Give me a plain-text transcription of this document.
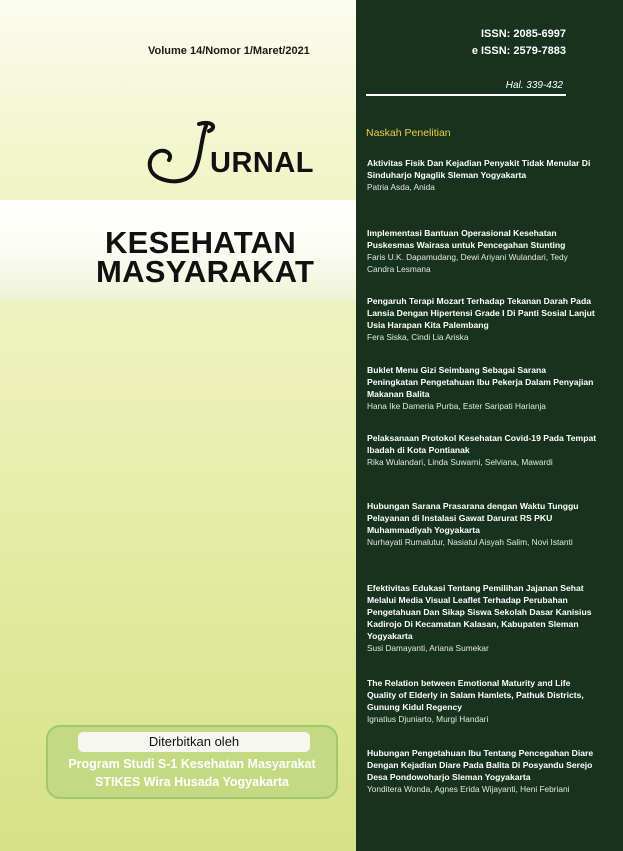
Volume 14/Nomor 1/Maret/2021
URNAL
KESEHATAN
MASYARAKAT
Diterbitkan oleh
Program Studi S-1 Kesehatan Masyarakat
STIKES Wira Husada Yogyakarta
ISSN: 2085-6997
e ISSN: 2579-7883
Hal. 339-432
Naskah Penelitian
Aktivitas Fisik Dan Kejadian Penyakit Tidak Menular Di Sinduharjo Ngaglik Sleman Yogyakarta
Patria Asda, Anida
Implementasi Bantuan Operasional Kesehatan Puskesmas Wairasa untuk Pencegahan Stunting
Faris U.K. Dapamudang, Dewi Ariyani Wulandari, Tedy Candra Lesmana
Pengaruh Terapi Mozart Terhadap Tekanan Darah Pada Lansia Dengan Hipertensi Grade I Di Panti Sosial Lanjut Usia Harapan Kita Palembang
Fera Siska, Cindi Lia Ariska
Buklet Menu Gizi Seimbang Sebagai Sarana Peningkatan Pengetahuan Ibu Pekerja Dalam Penyajian Makanan Balita
Hana Ike Dameria Purba, Ester Saripati Harianja
Pelaksanaan Protokol Kesehatan Covid-19 Pada Tempat Ibadah di Kota Pontianak
Rika Wulandari, Linda Suwarni, Selviana, Mawardi
Hubungan Sarana Prasarana dengan Waktu Tunggu Pelayanan di Instalasi Gawat Darurat RS PKU Muhammadiyah Yogyakarta
Nurhayati Rumalutur, Nasiatul Aisyah Salim, Novi Istanti
Efektivitas Edukasi Tentang Pemilihan Jajanan Sehat Melalui Media Visual Leaflet Terhadap Perubahan Pengetahuan Dan Sikap Siswa Sekolah Dasar Kanisius Kadirojo Di Kecamatan Kalasan, Kabupaten Sleman Yogyakarta
Susi Damayanti, Ariana Sumekar
The Relation between Emotional Maturity and Life Quality of Elderly in Salam Hamlets, Pathuk Districts, Gunung Kidul Regency
Ignatius Djuniarto, Murgi Handari
Hubungan Pengetahuan Ibu Tentang Pencegahan Diare Dengan Kejadian Diare Pada Balita Di Posyandu Serejo Desa Pondowoharjo Sleman Yogyakarta
Yonditera Wonda, Agnes Erida Wijayanti, Heni Febriani
